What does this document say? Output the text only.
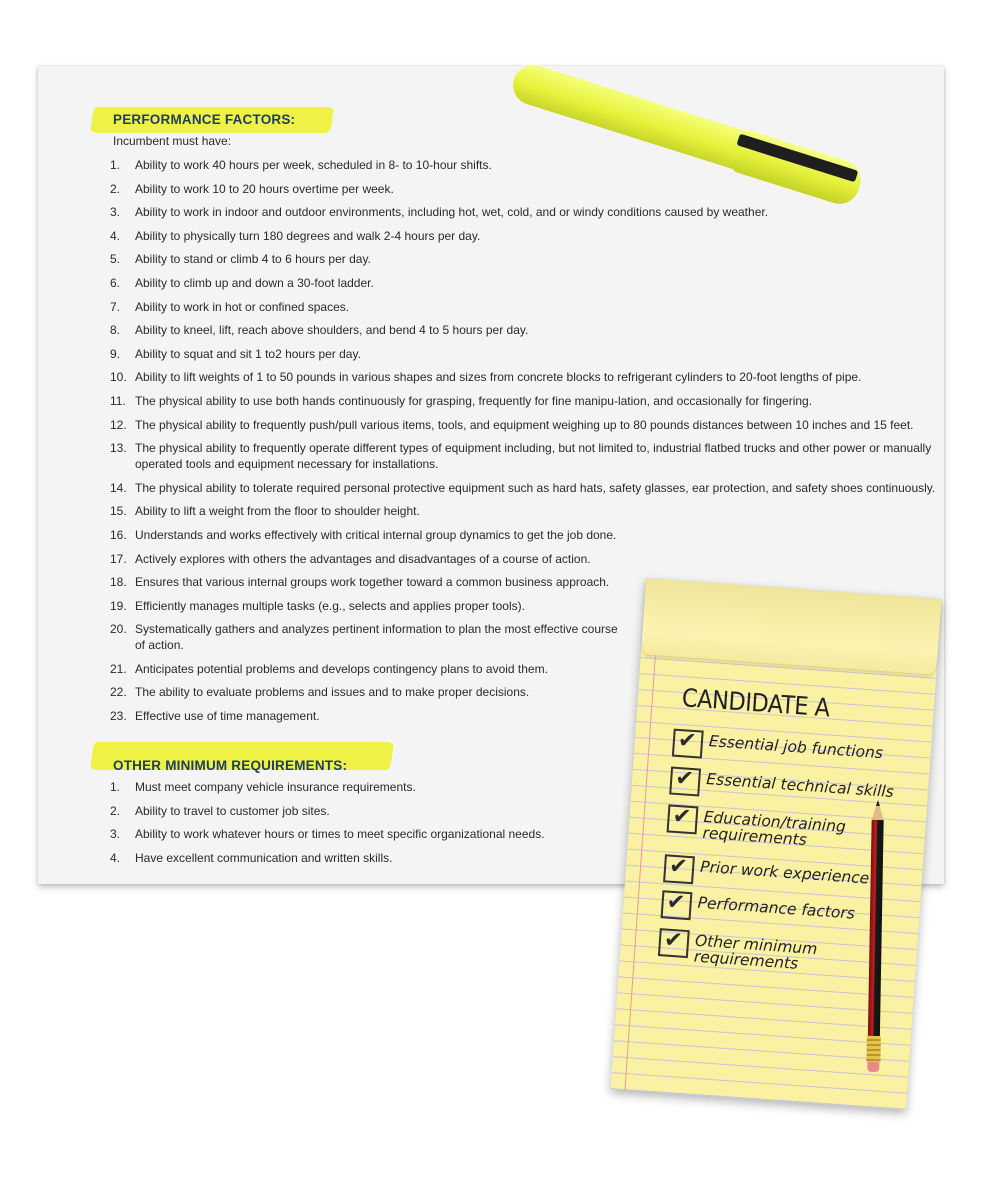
PERFORMANCE FACTORS:
Incumbent must have:
1.	Ability to work 40 hours per week, scheduled in 8- to 10-hour shifts.
2.	Ability to work 10 to 20 hours overtime per week.
3.	Ability to work in indoor and outdoor environments, including hot, wet, cold, and or windy conditions caused by weather.
4.	Ability to physically turn 180 degrees and walk 2-4 hours per day.
5.	Ability to stand or climb 4 to 6 hours per day.
6.	Ability to climb up and down a 30-foot ladder.
7.	Ability to work in hot or confined spaces.
8.	Ability to kneel, lift, reach above shoulders, and bend 4 to 5 hours per day.
9.	Ability to squat and sit 1 to2 hours per day.
10. Ability to lift weights of 1 to 50 pounds in various shapes and sizes from concrete blocks to refrigerant cylinders to 20-foot lengths of pipe.
11. The physical ability to use both hands continuously for grasping, frequently for fine manipu-lation, and occasionally for fingering.
12. The physical ability to frequently push/pull various items, tools, and equipment weighing up to 80 pounds distances between 10 inches and 15 feet.
13. The physical ability to frequently operate different types of equipment including, but not limited to, industrial flatbed trucks and other power or manually operated tools and equipment necessary for installations.
14. The physical ability to tolerate required personal protective equipment such as hard hats, safety glasses, ear protection, and safety shoes continuously.
15. Ability to lift a weight from the floor to shoulder height.
16. Understands and works effectively with critical internal group dynamics to get the job done.
17. Actively explores with others the advantages and disadvantages of a course of action.
18. Ensures that various internal groups work together toward a common business approach.
19. Efficiently manages multiple tasks (e.g., selects and applies proper tools).
20. Systematically gathers and analyzes pertinent information to plan the most effective course of action.
21. Anticipates potential problems and develops contingency plans to avoid them.
22. The ability to evaluate problems and issues and to make proper decisions.
23. Effective use of time management.
OTHER MINIMUM REQUIREMENTS:
1.	Must meet company vehicle insurance requirements.
2.	Ability to travel to customer job sites.
3.	Ability to work whatever hours or times to meet specific organizational needs.
4.	Have excellent communication and written skills.
CANDIDATE A
✔ Essential job functions
✔ Essential technical skills
✔ Education/training requirements
✔ Prior work experience
✔ Performance factors
✔ Other minimum requirements
